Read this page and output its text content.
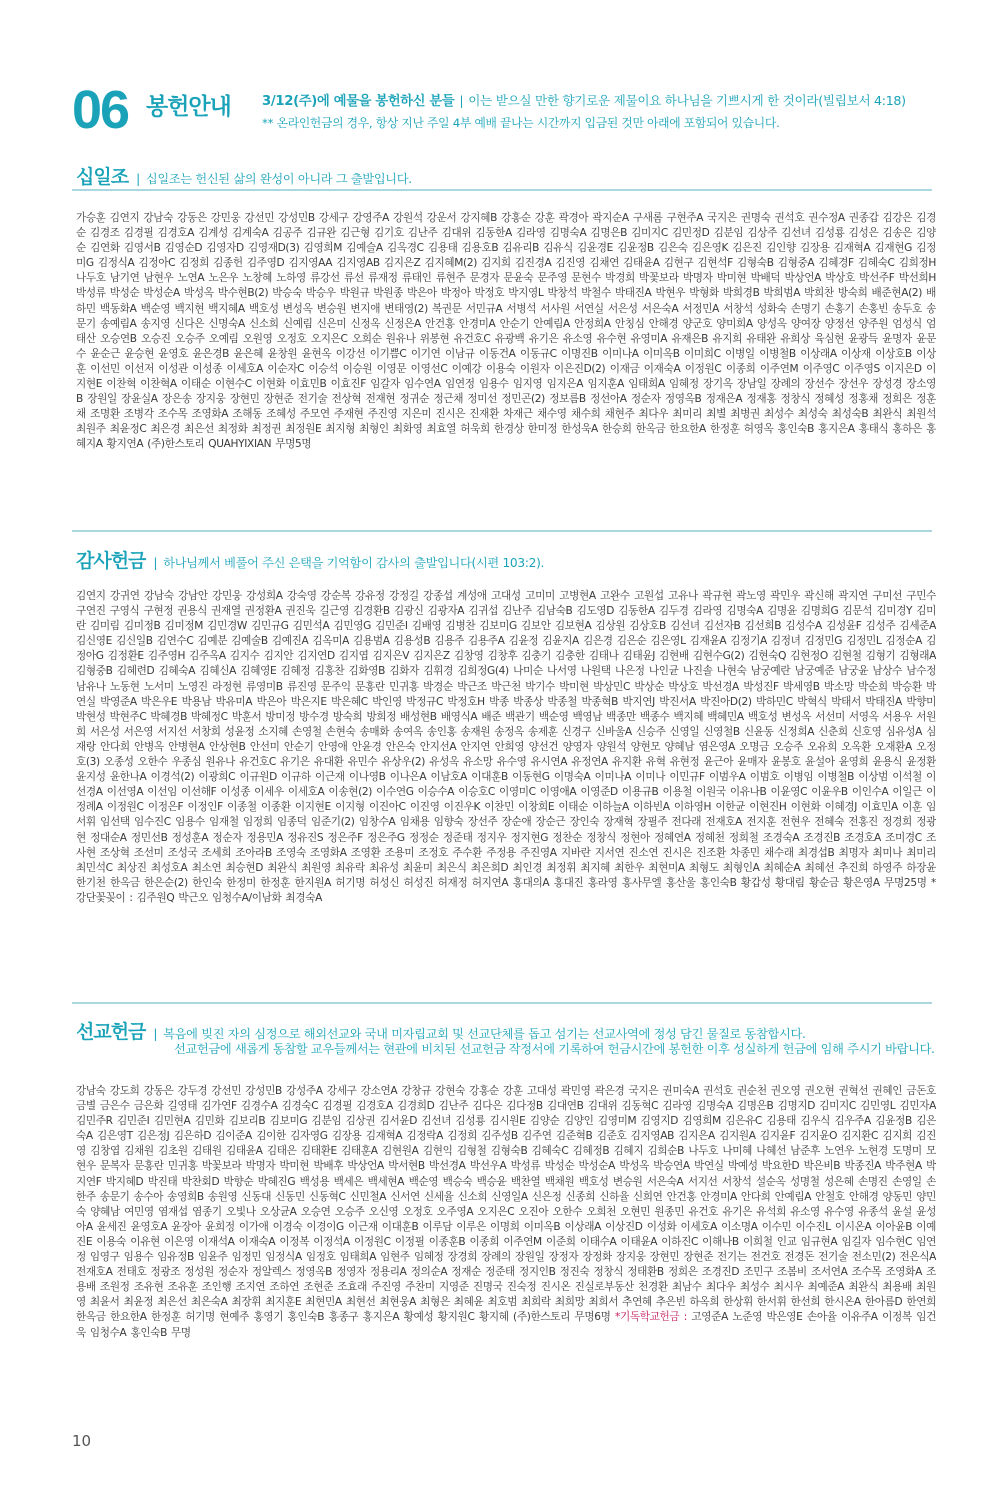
06 봉헌안내 3/12(주)에 예물을 봉헌하신 분들 | 이는 받으실 만한 향기로운 제물이요 하나님을 기쁘시게 한 것이라(빌립보서 4:18)
** 온라인헌금의 경우, 항상 지난 주일 4부 예배 끝나는 시간까지 입금된 것만 아래에 포함되어 있습니다.
십일조 | 십일조는 헌신된 삶의 완성이 아니라 그 출발입니다.

가승훈 김연지 강남숙 강동은 강민웅 강선민 강성민B 강세구 강영주A 강원석 강운서 강지혜B 강홍순 강훈 곽경아 곽지순A 구새롬 구현주A 국지은 권명숙 권석호 권수정A 권종갑 김강은 김경순 김경조 김경필 김경호A 김계성 김계숙A 김공주 김규완 김근형 김기호 김난주 김대위 김동한A 김라영 김명숙A 김명은B 김미지C 김민정D 김분임 김상주 김선녀 김성룡 김성은 김송은 김양순 김연화 김영서B 김영순D 김영자D 김영재D(3) 김영희M 김예슬A 김옥경C 김용태 김용호B 김유리B 김유식 김윤경E 김윤정B 김은숙 김은영K 김은진 김인향 김장용 김재혁A 김재현G 김정미G 김정식A 김정아C 김정희 김종헌 김주영D 김지영AA 김지영AB 김지은Z 김지혜M(2) 김지희 김진경A 김진영 김채연 김태윤A 김현구 김현석F 김형숙B 김형중A 김혜경F 김혜숙C 김희정H 나두호 남기연 남현우 노연A 노은우 노창혜 노하영 류강선 류선 류재정 류태인 류현주 문경자 문윤숙 문주영 문현수 박경희 박꽃보라 박명자 박미현 박배덕 박상언A 박상호 박선주F 박선희H 박성류 박성순 박성순A 박성옥 박수현B(2) 박승숙 박승우 박원규 박원종 박은아 박정아 박정호 박지영L 박창석 박철수 박태진A 박현우 박형화 박희경B 박희범A 박희찬 방숙희 배준현A(2) 배하민 백동화A 백순영 백지현 백지혜A 백호성 변성옥 변승원 변지애 변태영(2) 복권문 서민규A 서병석 서사원 서연실 서은성 서은숙A 서정민A 서창석 성화숙 손명기 손홍기 손홍빈 송두호 송문기 송예림A 송지영 신다은 신명숙A 신소희 신예림 신은미 신정옥 신정은A 안건홍 안경미A 안순기 안예림A 안정희A 안칭심 안해경 양군호 양미희A 양성옥 양여장 양정선 양주원 엄성식 엄태산 오승연B 오승진 오승주 오예림 오원영 오정호 오지은C 오희순 원유나 위봉현 유건호C 유광백 유기은 유소영 유수현 유영미A 유재은B 유지희 유태완 유희상 육심현 윤광득 윤명자 윤문수 윤순근 윤승현 윤영호 윤은경B 윤은혜 윤창원 윤현옥 이강선 이기쁨C 이기연 이남규 이동건A 이동규C 이명진B 이미나A 이미옥B 이미희C 이병일 이병철B 이상래A 이상재 이상호B 이상훈 이선민 이선저 이성관 이성종 이세호A 이순자C 이승석 이승원 이영문 이영선C 이예강 이용숙 이원자 이은진D(2) 이재금 이재숙A 이정원C 이종희 이주연M 이주영C 이주영S 이지은D 이지현E 이찬혁 이찬혁A 이태순 이현수C 이현화 이효민B 이효진F 임갈자 임수연A 임연정 임용수 임지영 임지은A 임지훈A 임태희A 임혜정 장기옥 장남일 장례의 장선수 장선우 장성경 장소영B 장원일 장윤실A 장은송 장지웅 장현민 장현준 전기술 전상혁 전재현 정귀순 정근채 정미선 정민곤(2) 정보름B 정선아A 정순자 정영옥B 정재은A 정재홍 정창식 정혜성 정홍채 정희은 정훈채 조명환 조병각 조수목 조영화A 조해동 조혜성 주모연 주재현 주진영 지은미 진시은 진재환 차재근 채수영 채수희 채현주 최다우 최미리 최별 최병권 최성수 최성숙 최성숙B 최완식 최원석 최원주 최윤정C 최은경 최은선 최정화 최정권 최정원E 최지형 최형인 최화영 최효열 허욱희 한경상 한미정 한성욱A 한승희 한옥금 한요한A 한정훈 허영옥 홍인숙B 홍지은A 홍태식 홍하은 홍혜지A 황지연A (주)한스토리 QUAHYIXIAN 무명5명

감사헌금 | 하나님께서 베풀어 주신 은택을 기억함이 감사의 출발입니다(시편 103:2).

김연지 강귀연 강남숙 강남안 강민웅 강성희A 강숙영 강순복 강유정 강정길 강종섭 계성애 고대성 고미미 고병현A 고완수 고원섭 고유나 곽규현 곽노영 곽민우 곽신해 곽지연 구미선 구민수 구연진 구영식 구현정 권용식 권재열 권정환A 권진욱 길근영 김경환B 김광신 김광자A 김귀섭 김난주 김남숙B 김도영D 김동한A 김두경 김라영 김명숙A 김명윤 김명희G 김문석 김미경Y 김미란 김미림 김미정B 김미정M 김민경W 김민규G 김민석A 김민영G 김민준I 김배영 김병찬 김보미G 김보안 김보현A 김상원 김상호B 김선녀 김선자B 김선희B 김성수A 김성윤F 김성주 김세준A 김신영E 김신일B 김연수C 김예분 김예술B 김예진A 김옥미A 김용범A 김용성B 김용주 김용주A 김윤정 김윤지A 김은경 김은순 김은영L 김재윤A 김정기A 김정녀 김정민G 김정민L 김정순A 김정아G 김정환E 김주영H 김주옥A 김지수 김지안 김지연D 김지엽 김지은V 김지은Z 김창영 김창후 김충기 김충한 김태나 김태윤J 김현배 김현수G(2) 김현숙Q 김현정O 김현철 김형기 김형래A 김형중B 김혜련D 김혜숙A 김혜신A 김혜영E 김혜정 김홍찬 김화영B 김화자 김휘경 김희정G(4) 나미순 나서영 나원택 나은정 나인균 나진솔 나현숙 남궁예란 남궁예준 남궁윤 남상수 남수정 남유나 노동현 노서미 노영진 라정현 류영미B 류진영 문주익 문홍란 민귀홍 박경순 박근조 박근천 박기수 박미현 박상민C 박상순 박상호 박선경A 박성진F 박세영B 박소망 박순희 박승환 박연실 박영준A 박은우E 박용남 박유미A 박은아 박은지E 박은혜C 박인영 박정규C 박정호H 박종 박종상 박종철 박종혁B 박지연J 박진서A 박진아D(2) 박하민C 박혁식 박태서 박태진A 박향미 박현성 박현주C 박혜경B 박혜정C 박훈서 방미정 방수경 방숙희 방희정 배성현B 배영식A 배준 백관기 백순영 백영남 백종만 백종수 백지혜 백혜민A 백호성 변성옥 서선미 서영옥 서용우 서원희 서은성 서은영 서지선 서창희 성윤정 소지혜 손영철 손현숙 송매화 송여옥 송인홍 송재원 송정옥 송제훈 신경구 신바울A 신승주 신영일 신영철B 신윤동 신정희A 신춘희 신호영 심유성A 심재랑 안다희 안병옥 안병현A 안상현B 안선미 안순기 안영애 안윤경 안은숙 안지선A 안지연 안희영 양선건 양영자 양원석 양현모 양혜남 염은영A 오명금 오승주 오유희 오옥환 오재환A 오정호(3) 오종성 오한수 우종심 원유나 유건호C 유기은 유대환 유민수 유상우(2) 유성옥 유소망 유수영 유시연A 유정연A 유지환 유혁 유현정 윤근아 윤매자 윤봉호 윤설아 윤영희 윤용식 윤정환 윤지성 윤한나A 이경석(2) 이광희C 이규원D 이규하 이근재 이나영B 이나은A 이남호A 이대훈B 이동현G 이명숙A 이미나A 이미나 이민규F 이범우A 이범호 이병임 이병철B 이상범 이석철 이선경A 이선영A 이선임 이선해F 이성종 이세우 이세호A 이송현(2) 이수연G 이승수A 이승호C 이영미C 이영애A 이영준D 이용규B 이용철 이원국 이유나B 이윤영C 이윤우B 이인수A 이일근 이정례A 이정원C 이정은F 이정인F 이종철 이종환 이지현E 이지형 이진아C 이진영 이진우K 이찬민 이창희E 이태순 이하늘A 이하빈A 이하영H 이한균 이현진H 이현화 이혜경J 이효민A 이훈 임서휘 임선택 임수진C 임용수 임재철 임정희 임종덕 임준기(2) 임창수A 임채용 임향숙 장선주 장순애 장순근 장인숙 장재혁 장필주 전다래 전재호A 전지훈 전현우 전혜숙 전홍진 정경희 정광현 정대순A 정민선B 정성훈A 정순자 정용민A 정유진S 정은주F 정은주G 정정순 정준태 정지우 정지현G 정찬순 정창식 정현아 정혜연A 정혜천 정희철 조경숙A 조경진B 조경호A 조미경C 조사현 조상혁 조선미 조성국 조세희 조아라B 조영숙 조영화A 조영환 조용미 조정호 주수환 주정용 주진영A 지바란 지서연 진소연 진시은 진조환 차종민 채수래 최경섭B 최명자 최미나 최미리 최민석C 최상진 최성호A 최소연 최승현D 최완식 최원영 최유락 최유성 최윤미 최은식 최은희D 최인경 최정휘 최지혜 최한우 최현미A 최형도 최형인A 최혜순A 최혜선 추진희 하영주 하장윤 한기천 한옥금 한은순(2) 한인숙 한정미 한정훈 한지원A 허기명 허성신 허성진 허재정 허지연A 홍대의A 홍대진 홍라영 홍사무엘 홍산울 홍인숙B 황갑성 황대림 황순금 황은영A 무명25명 *강단꽃꽂이 : 김주원Q 박근오 임청수A/이남화 최경숙A

선교헌금 | 복음에 빚진 자의 심정으로 해외선교와 국내 미자립교회 및 선교단체를 돕고 섬기는 선교사역에 정성 담긴 물질로 동참합시다.
선교헌금에 새롭게 동참할 교우들께서는 현관에 비치된 선교헌금 작정서에 기록하여 헌금시간에 봉헌한 이후 성실하게 헌금에 임해 주시기 바랍니다.

강남숙 강도희 강동은 강두경 강선민 강성민B 강성주A 강세구 강소연A 강창규 강현숙 강홍순 강훈 고대성 곽민영 곽은경 국지은 권미숙A 권석호 권순천 권오영 권오현 권혁선 권혜인 금돈호 금별 금은수 금은화 길영태 김가연F 김경수A 김경숙C 김경필 김경호A 김경희D 김난주 김다은 김다정B 김대연B 김대위 김동혁C 김라영 김명숙A 김명은B 김명지D 김미지C 김민영L 김민자A 김민주R 김민준I 김민현A 김민화 김보리B 김보미G 김분임 김상권 김서윤D 김선녀 김성룡 김시원E 김양순 김양인 김영미M 김영지D 김영희M 김은유C 김용태 김우식 김우주A 김윤정B 김은숙A 김은영T 김은정J 김은하D 김이준A 김이한 김자영G 김장용 김재혁A 김정락A 김정희 김주성B 김주연 김준혁B 김준호 김지영AB 김지은A 김지원A 김지윤F 김지윤O 김지환C 김지희 김진영 김창엽 김채원 김초원 김태원 김태윤A 김태은 김태환E 김태훈A 김현원A 김현익 김형철 김형숙B 김혜숙C 김혜정B 김혜지 김희순B 나두호 나미혜 나혜선 남준후 노연우 노현경 도명미 모현우 문복자 문홍란 민귀홍 박꽃보라 박명자 박미현 박배후 박상언A 박서현B 박선경A 박선우A 박성류 박성순 박성순A 박성옥 박승연A 박연실 박예성 박요한D 박은비B 박종진A 박주현A 박지연F 박지혜D 박진태 박찬회D 박향순 박혜진G 백성용 백세은 백세현A 백순영 백승숙 백승윤 백찬열 백채원 백호성 변승원 서은숙A 서지선 서창석 설순옥 성명철 성은혜 손명진 손영일 손한주 송문기 송수아 송영희B 송원영 신동대 신동민 신동혁C 신민철A 신서연 신세율 신소희 신영일A 신은정 신종희 신하율 신희연 안건홍 안경미A 안다희 안예림A 안철호 안해경 양동민 양민숙 양혜남 여민영 염재섭 염종기 오빛나 오상균A 오승연 오승주 오신영 오정호 오주영A 오지은C 오진아 오한수 오희천 오현민 원종민 유건호 유기은 유석희 유소영 유수영 유종석 윤설 윤성아A 윤세진 윤영호A 윤장아 윤희정 이가애 이경숙 이경이G 이근재 이대훈B 이루담 이루은 이명희 이미옥B 이상래A 이상진D 이성화 이세호A 이소명A 이수민 이수진L 이시온A 이아윤B 이예진E 이용숙 이유현 이은영 이재석A 이재숙A 이정복 이정석A 이정원C 이정필 이종훈B 이종희 이주연M 이준희 이태수A 이태윤A 이하진C 이해나B 이희철 인교 임규현A 임길자 임수현C 임연정 임영구 임용수 임유정B 임윤주 임정민 임정식A 임정호 임태희A 임현주 임혜정 장경희 장례의 장원일 장정자 장정화 장지웅 장현민 장현준 전기는 전건호 전경돈 전기술 전소민(2) 전은식A 전재호A 전태호 정광조 정성원 정순자 정알렉스 정영옥B 정영자 정용리A 정의순A 정재순 정준태 정지인B 정진숙 정창식 정태환B 정희은 조경진D 조민구 조봄비 조서연A 조수목 조영화A 조용배 조원정 조유현 조유훈 조인행 조지연 조하연 조현준 조효래 주진영 주찬미 지영준 진명국 진숙정 진시온 진실로부동산 천경환 최남수 최다우 최성수 최시우 최예준A 최완식 최용배 최원영 최윤서 최윤정 최은선 최은숙A 최장휘 최지훈E 최현민A 최현선 최현웅A 최형은 최혜윤 최호범 최희락 최희망 최희서 추연혜 추은빈 하옥희 한상휘 한서휘 한선희 한시온A 한아름D 한연희 한옥금 한요한A 한정훈 허기명 현예주 홍영기 홍인숙B 홍종구 홍지은A 황예성 황지원C 황지혜 (주)한스토리 무명6명 *기독학교헌금 : 고영준A 노준영 박은영E 손아율 이유주A 이정복 임건욱 임청수A 홍인숙B 무명

10
